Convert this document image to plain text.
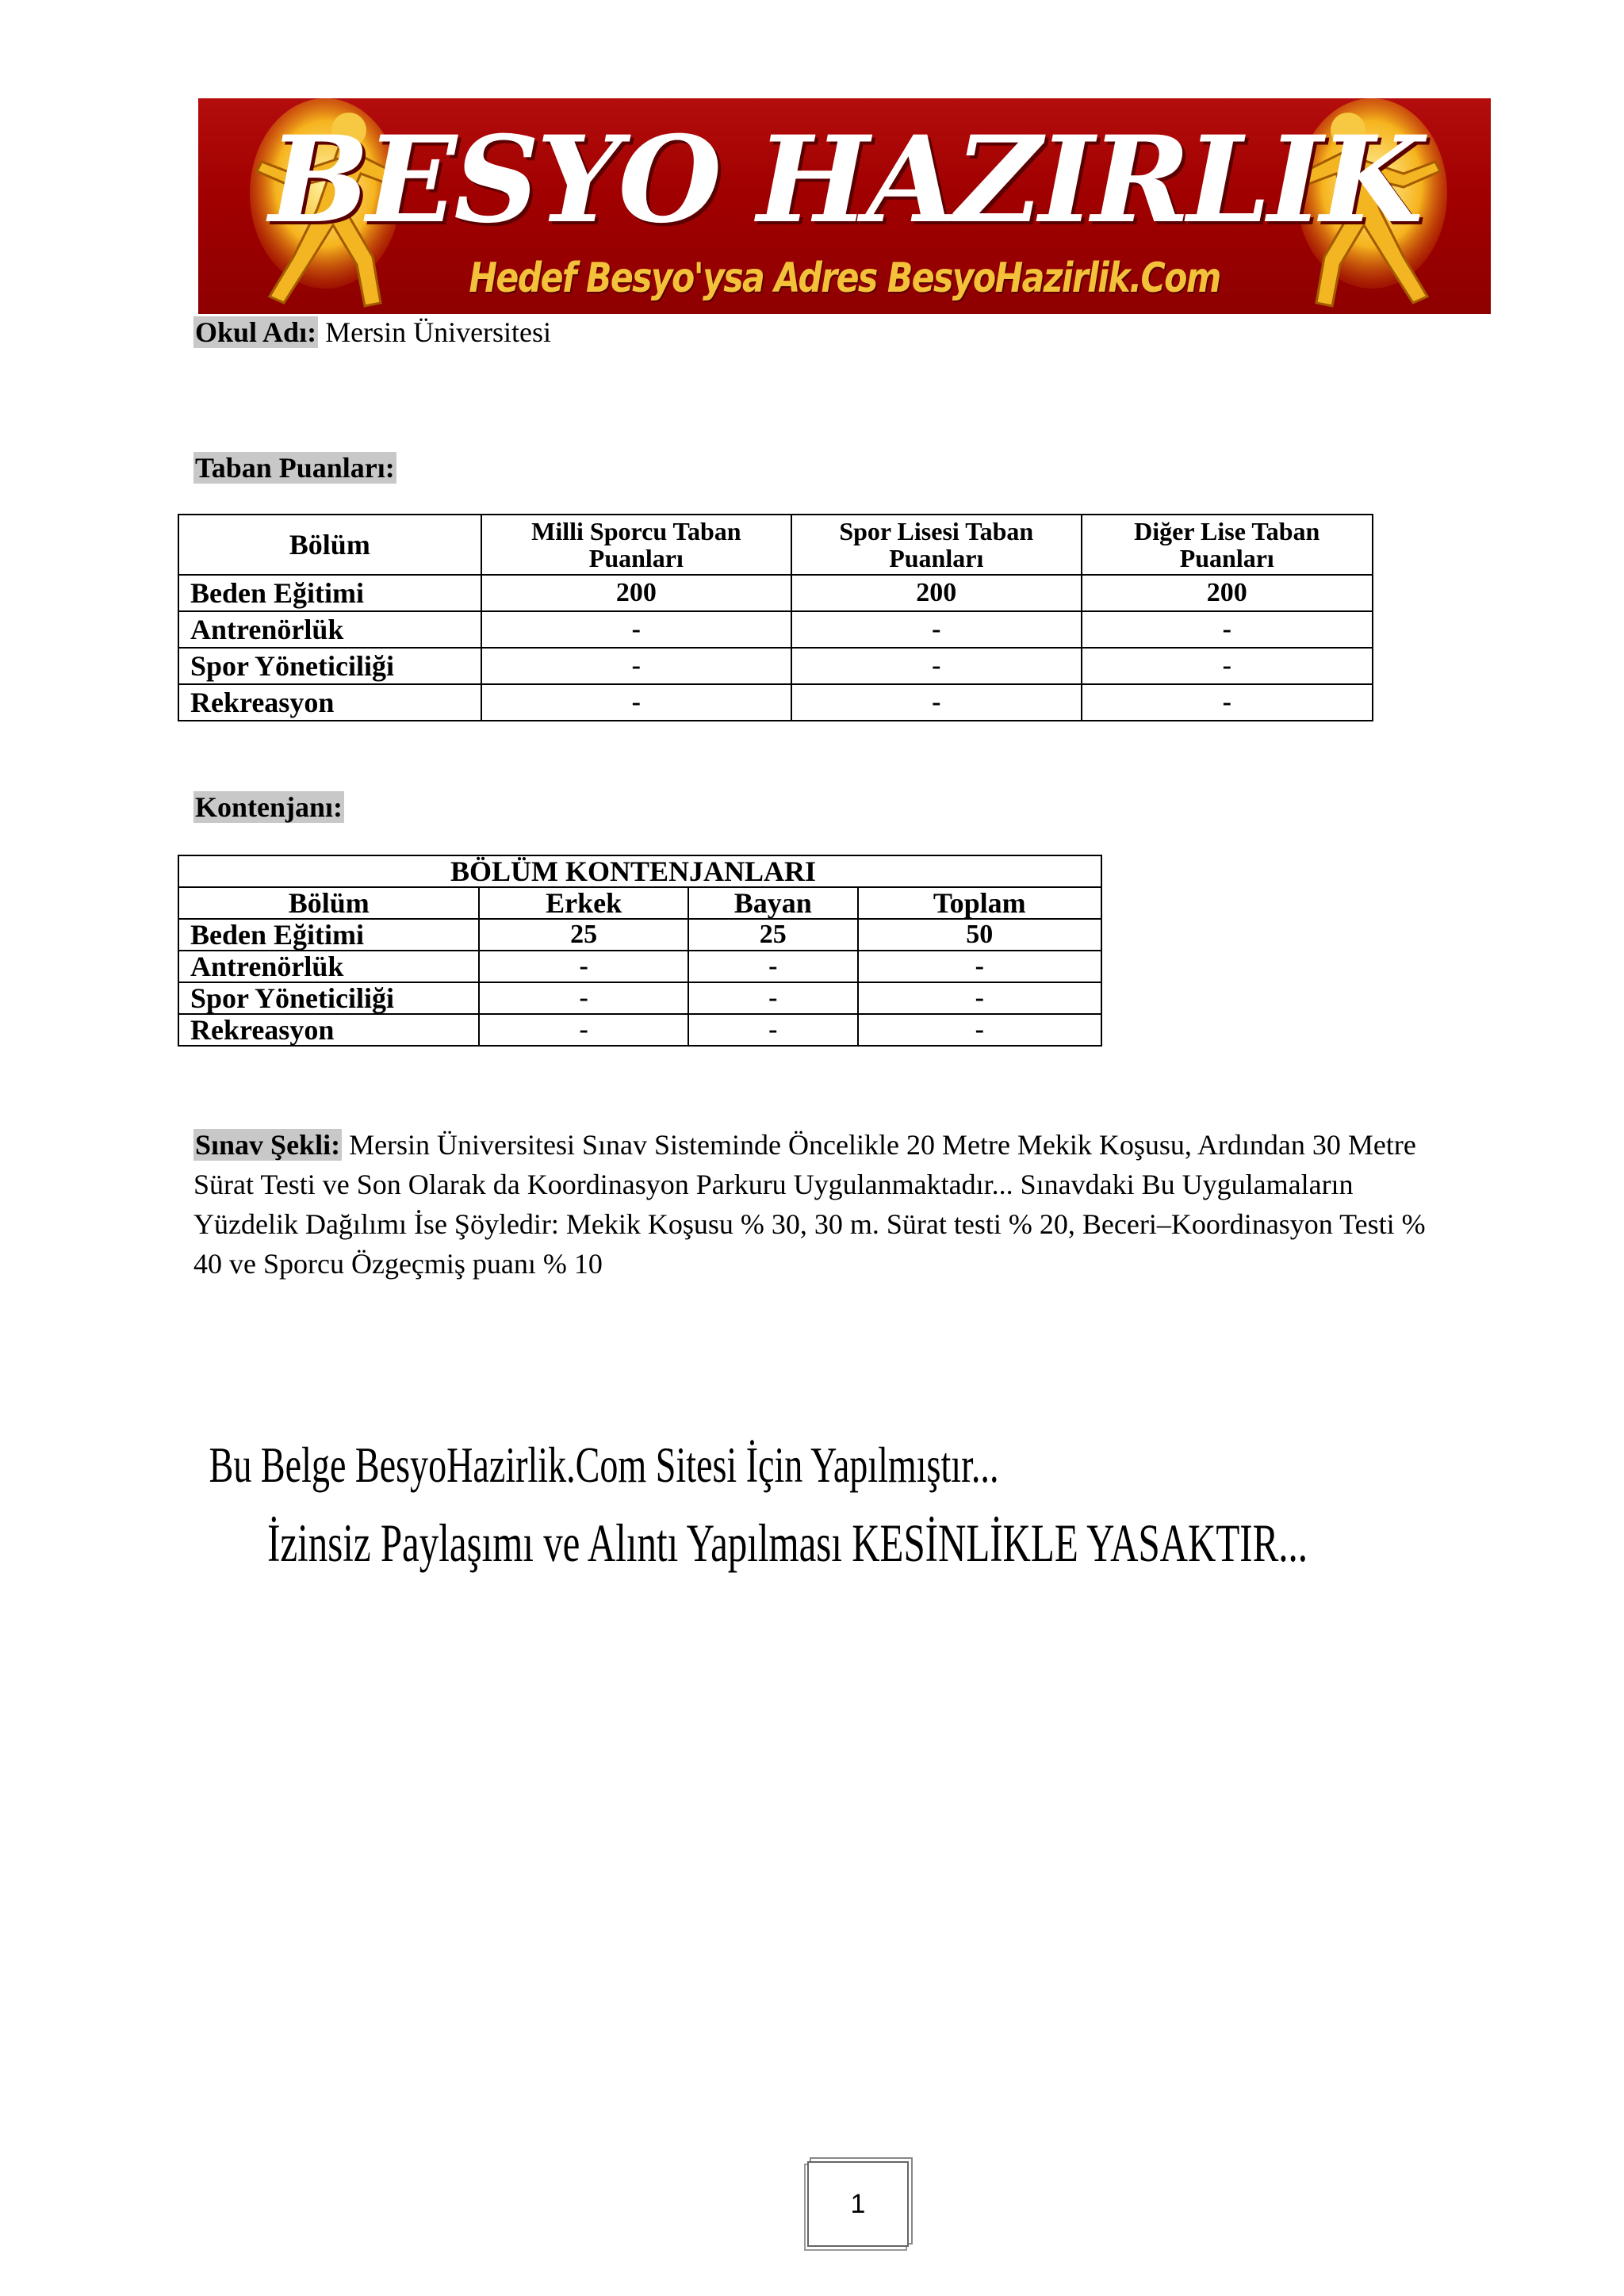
BESYO HAZIRLIK
Hedef Besyo'ysa Adres BesyoHazirlik.Com
Okul Adı: Mersin Üniversitesi
Taban Puanları:
Bölüm	Milli Sporcu Taban Puanları	Spor Lisesi Taban Puanları	Diğer Lise Taban Puanları
Beden Eğitimi	200	200	200
Antrenörlük	-	-	-
Spor Yöneticiliği	-	-	-
Rekreasyon	-	-	-
Kontenjanı:
BÖLÜM KONTENJANLARI			
Bölüm	Erkek	Bayan	Toplam
Beden Eğitimi	25	25	50
Antrenörlük	-	-	-
Spor Yöneticiliği	-	-	-
Rekreasyon	-	-	-
Sınav Şekli: Mersin Üniversitesi Sınav Sisteminde Öncelikle 20 Metre Mekik Koşusu, Ardından 30 Metre Sürat Testi ve Son Olarak da Koordinasyon Parkuru Uygulanmaktadır... Sınavdaki Bu Uygulamaların Yüzdelik Dağılımı İse Şöyledir: Mekik Koşusu % 30, 30 m. Sürat testi % 20, Beceri–Koordinasyon Testi % 40 ve Sporcu Özgeçmiş puanı % 10
Bu Belge BesyoHazirlik.Com Sitesi İçin Yapılmıştır...
İzinsiz Paylaşımı ve Alıntı Yapılması KESİNLİKLE YASAKTIR...
1
